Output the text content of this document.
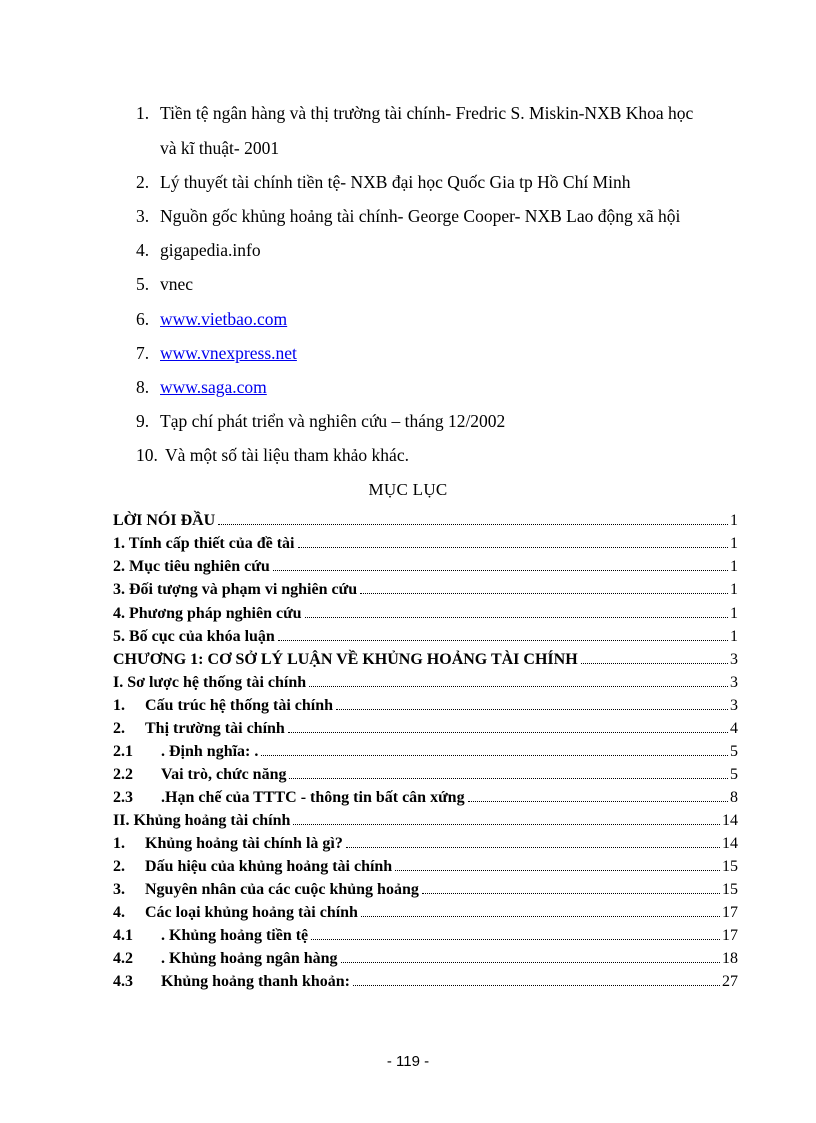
1. Tiền tệ ngân hàng và thị trường tài chính- Fredric S. Miskin-NXB Khoa học
và kĩ thuật- 2001
2. Lý thuyết tài chính tiền tệ- NXB đại học Quốc Gia tp Hồ Chí Minh
3. Nguồn gốc khủng hoảng tài chính- George Cooper- NXB Lao động xã hội
4. gigapedia.info
5. vnec
6. www.vietbao.com
7. www.vnexpress.net
8. www.saga.com
9. Tạp chí phát triển và nghiên cứu – tháng 12/2002
10. Và một số tài liệu tham khảo khác.
MỤC LỤC
LỜI NÓI ĐẦU	1
1. Tính cấp thiết của đề tài	1
2. Mục tiêu nghiên cứu	1
3. Đối tượng và phạm vi nghiên cứu	1
4. Phương pháp nghiên cứu	1
5. Bố cục của khóa luận	1
CHƯƠNG 1: CƠ SỞ LÝ LUẬN VỀ KHỦNG HOẢNG TÀI CHÍNH	3
I. Sơ lược hệ thống tài chính	3
1.	Cấu trúc hệ thống tài chính	3
2.	Thị trường tài chính	4
2.1	. Định nghĩa: .	5
2.2	Vai trò, chức năng	5
2.3	.Hạn chế của TTTC - thông tin bất cân xứng	8
II. Khủng hoảng tài chính	14
1.	Khủng hoảng tài chính là gì?	14
2.	Dấu hiệu của khủng hoảng tài chính	15
3.	Nguyên nhân của các cuộc khủng hoảng	15
4.	Các loại khủng hoảng tài chính	17
4.1	. Khủng hoảng tiền tệ	17
4.2	. Khủng hoảng ngân hàng	18
4.3	Khủng hoảng thanh khoản:	27
- 119 -
